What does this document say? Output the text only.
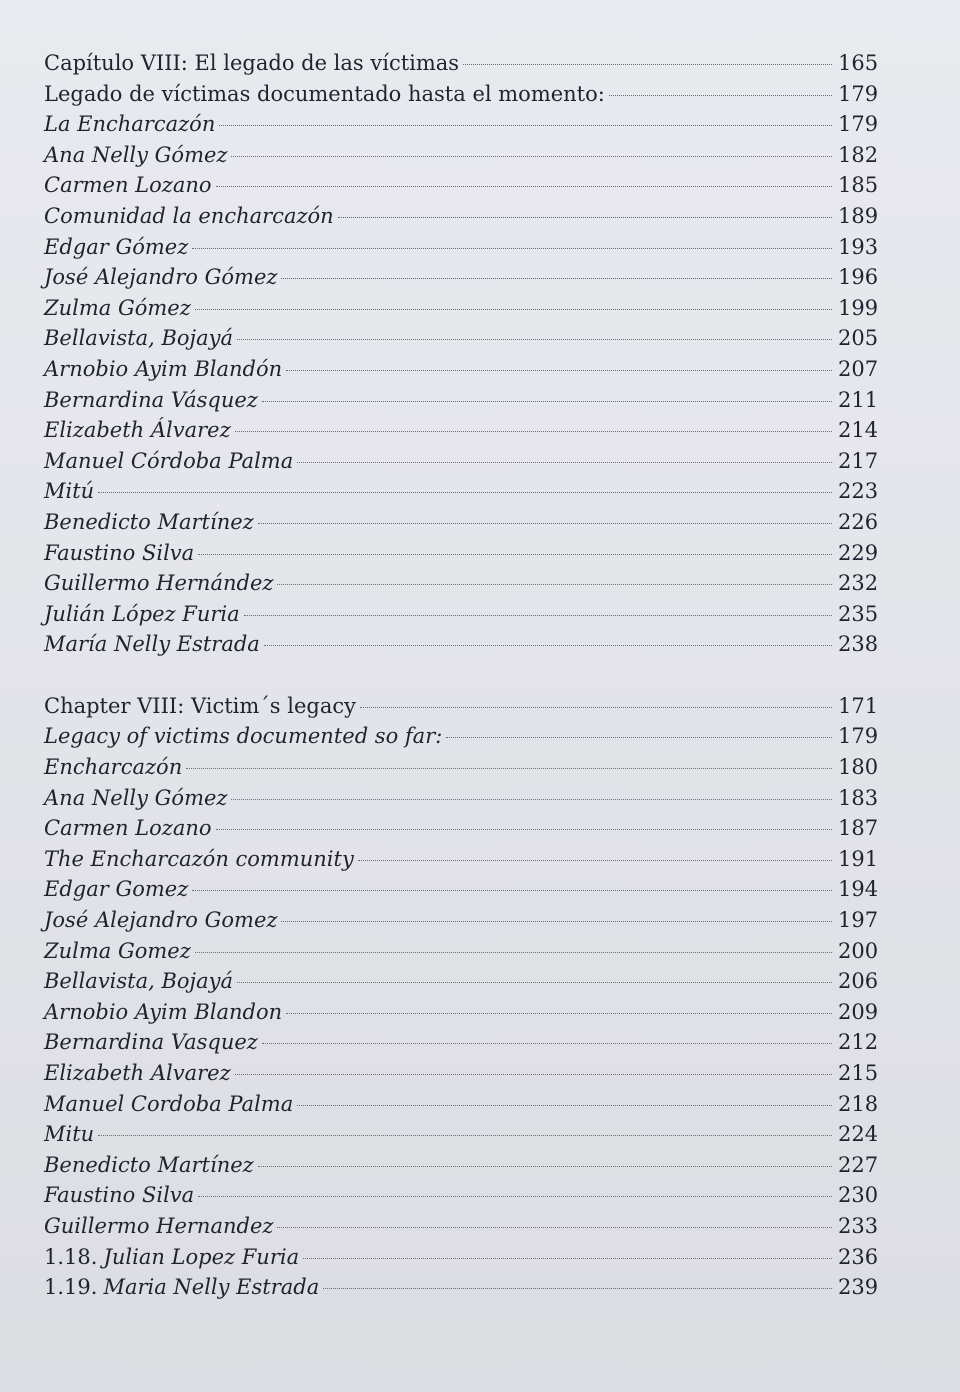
Capítulo VIII: El legado de las víctimas	165
Legado de víctimas documentado hasta el momento:	179
La Encharcazón	179
Ana Nelly Gómez	182
Carmen Lozano	185
Comunidad la encharcazón	189
Edgar Gómez	193
José Alejandro Gómez	196
Zulma Gómez	199
Bellavista, Bojayá	205
Arnobio Ayim Blandón	207
Bernardina Vásquez	211
Elizabeth Álvarez	214
Manuel Córdoba Palma	217
Mitú	223
Benedicto Martínez	226
Faustino Silva	229
Guillermo Hernández	232
Julián López Furia	235
María Nelly Estrada	238
Chapter VIII: Victim´s legacy	171
Legacy of victims documented so far:	179
Encharcazón	180
Ana Nelly Gómez	183
Carmen Lozano	187
The Encharcazón community	191
Edgar Gomez	194
José Alejandro Gomez	197
Zulma Gomez	200
Bellavista, Bojayá	206
Arnobio Ayim Blandon	209
Bernardina Vasquez	212
Elizabeth Alvarez	215
Manuel Cordoba Palma	218
Mitu	224
Benedicto Martínez	227
Faustino Silva	230
Guillermo Hernandez	233
1.18. Julian Lopez Furia	236
1.19. Maria Nelly Estrada	239
